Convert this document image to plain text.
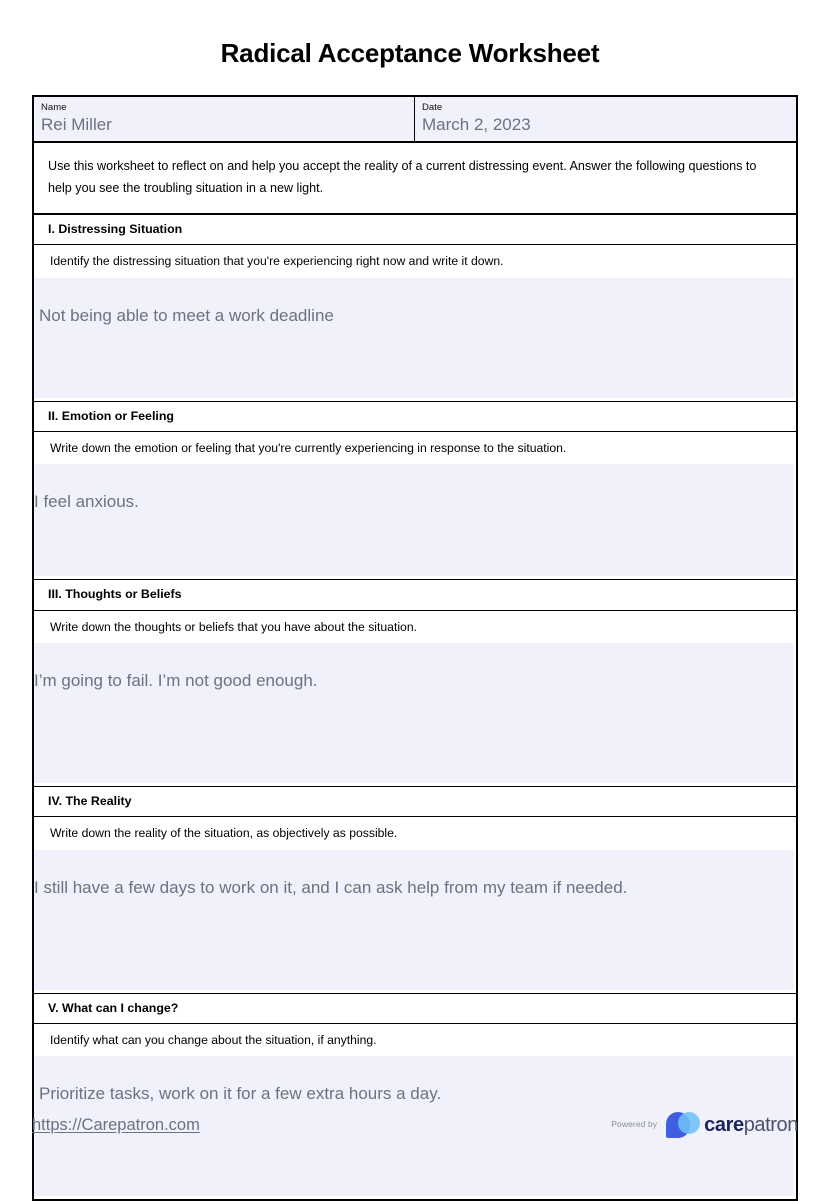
Radical Acceptance Worksheet
Name
Rei Miller
Date
March 2, 2023
Use this worksheet to reflect on and help you accept the reality of a current distressing event. Answer the following questions to help you see the troubling situation in a new light.
I. Distressing Situation
Identify the distressing situation that you're experiencing right now and write it down.
Not being able to meet a work deadline
II. Emotion or Feeling
Write down the emotion or feeling that you're currently experiencing in response to the situation.
I feel anxious.
III. Thoughts or Beliefs
Write down the thoughts or beliefs that you have about the situation.
I’m going to fail. I’m not good enough.
IV. The Reality
Write down the reality of the situation, as objectively as possible.
I still have a few days to work on it, and I can ask help from my team if needed.
V. What can I change?
Identify what can you change about the situation, if anything.
Prioritize tasks, work on it for a few extra hours a day.
https://Carepatron.com	Powered by carepatron
